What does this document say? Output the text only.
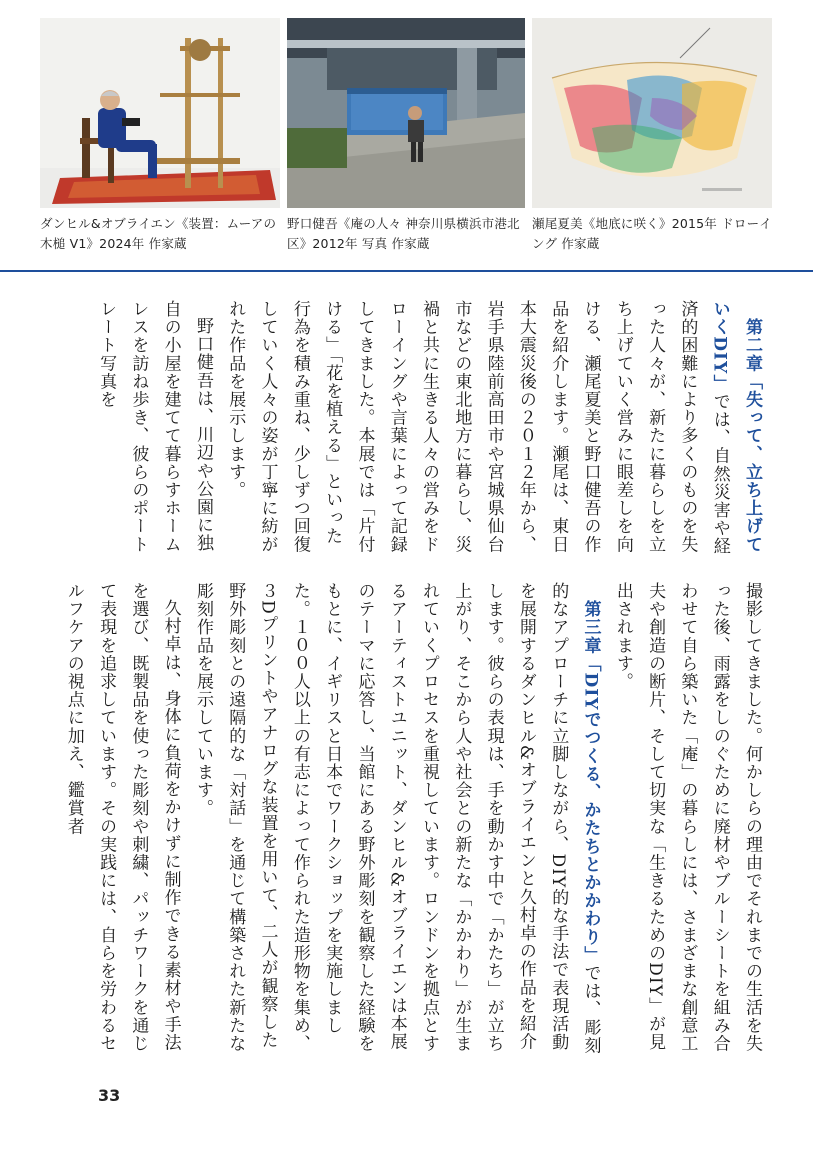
ダンヒル&オブライエン《装置：ムーアの木槌 V1》2024年 作家蔵
野口健吾《庵の人々 神奈川県横浜市港北区》2012年 写真 作家蔵
瀬尾夏美《地底に咲く》2015年 ドローイング 作家蔵

　第二章「失って、立ち上げていくDIY」では、自然災害や経済的困難により多くのものを失った人々が、新たに暮らしを立ち上げていく営みに眼差しを向ける、瀬尾夏美と野口健吾の作品を紹介します。瀬尾は、東日本大震災後の２０１２年から、岩手県陸前高田市や宮城県仙台市などの東北地方に暮らし、災禍と共に生きる人々の営みをドローイングや言葉によって記録してきました。本展では「片付ける」「花を植える」といった行為を積み重ね、少しずつ回復していく人々の姿が丁寧に紡がれた作品を展示します。

野口健吾は、川辺や公園に独自の小屋を建てて暮らすホームレスを訪ね歩き、彼らのポートレート写真を

撮影してきました。何かしらの理由でそれまでの生活を失った後、雨露をしのぐために廃材やブルーシートを組み合わせて自ら築いた「庵」の暮らしには、さまざまな創意工夫や創造の断片、そして切実な「生きるためのDIY」が見出されます。

　第三章「DIYでつくる、かたちとかかわり」では、彫刻的なアプローチに立脚しながら、DIY的な手法で表現活動を展開するダンヒル&オブライエンと久村卓の作品を紹介します。彼らの表現は、手を動かす中で「かたち」が立ち上がり、そこから人や社会との新たな「かかわり」が生まれていくプロセスを重視しています。ロンドンを拠点とするアーティストユニット、ダンヒル&オブライエンは本展のテーマに応答し、当館にある野外彫刻を観察した経験をもとに、イギリスと日本でワークショップを実施しました。１００人以上の有志によって作られた造形物を集め、３Dプリントやアナログな装置を用いて、二人が観察した野外彫刻との遠隔的な「対話」を通じて構築された新たな彫刻作品を展示しています。

久村卓は、身体に負荷をかけずに制作できる素材や手法を選び、既製品を使った彫刻や刺繍、パッチワークを通じて表現を追求しています。その実践には、自らを労わるセルフケアの視点に加え、鑑賞者

33
